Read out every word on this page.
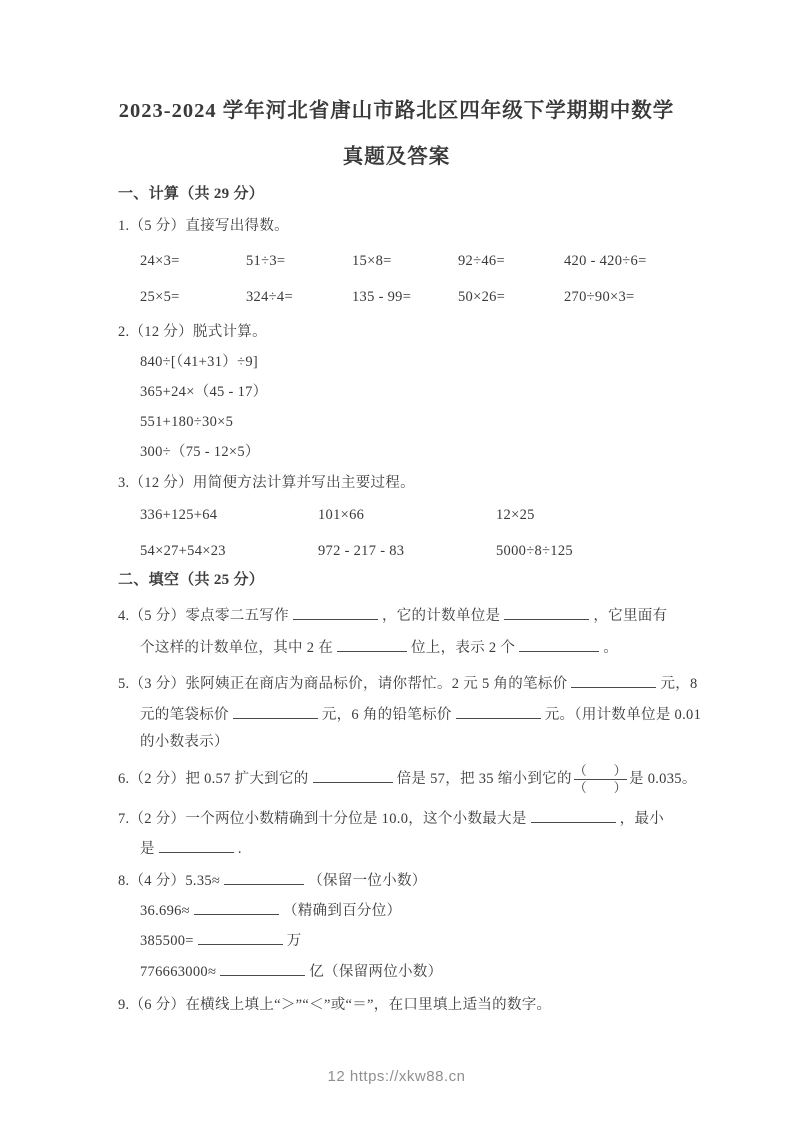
2023-2024 学年河北省唐山市路北区四年级下学期期中数学
真题及答案
一、计算（共 29 分）
1.（5 分）直接写出得数。
24×3=	51÷3=	15×8=	92÷46=	420 - 420÷6=
25×5=	324÷4=	135 - 99=	50×26=	270÷90×3=
2.（12 分）脱式计算。
840÷[（41+31）÷9]
365+24×（45 - 17）
551+180÷30×5
300÷（75 - 12×5）
3.（12 分）用简便方法计算并写出主要过程。
336+125+64	101×66	12×25
54×27+54×23	972 - 217 - 83	5000÷8÷125
二、填空（共 25 分）
4.（5 分）零点零二五写作	，它的计数单位是	，它里面有
个这样的计数单位，其中 2 在	位上，表示 2 个	。
5.（3 分）张阿姨正在商店为商品标价，请你帮忙。2 元 5 角的笔标价	元，8
元的笔袋标价	元，6 角的铅笔标价	元。（用计数单位是 0.01
的小数表示）
6.（2 分）把 0.57 扩大到它的	倍是 57，把 35 缩小到它的 $\frac{( )}{( )}$ 是 0.035。
7.（2 分）一个两位小数精确到十分位是 10.0，这个小数最大是	，最小
是	.
8.（4 分）5.35≈	（保留一位小数）
36.696≈	（精确到百分位）
385500=	万
776663000≈	亿（保留两位小数）
9.（6 分）在横线上填上“＞”“＜”或“＝”，在口里填上适当的数字。
12 https://xkw88.cn
